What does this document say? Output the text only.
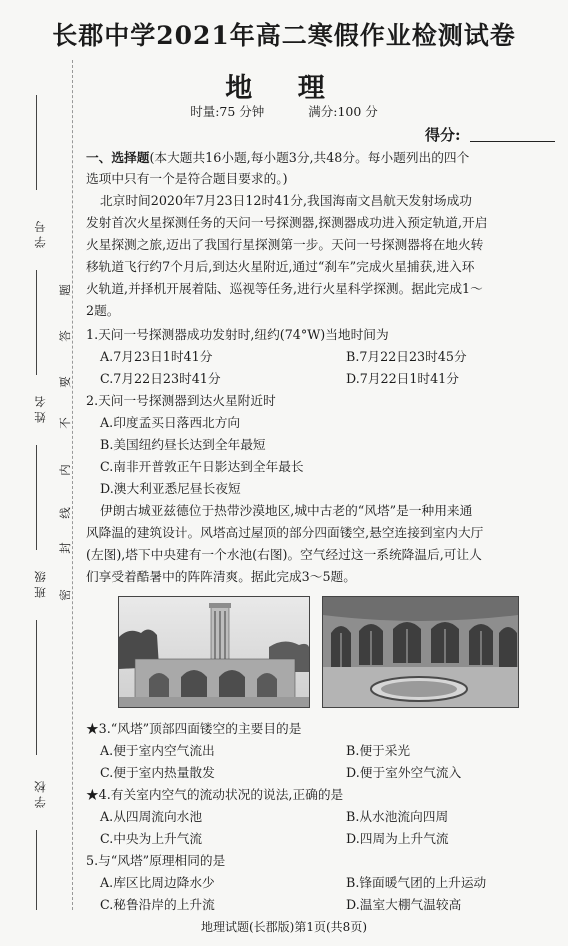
长郡中学2021年高二寒假作业检测试卷
地 理
时量:75 分钟	满分:100 分
得分:
学 号
姓 名
班 级
学 校
密
封
线
内
不
要
答
题
一、选择题(本大题共16小题,每小题3分,共48分。每小题列出的四个
选项中只有一个是符合题目要求的。)
北京时间2020年7月23日12时41分,我国海南文昌航天发射场成功
发射首次火星探测任务的天问一号探测器,探测器成功进入预定轨道,开启
火星探测之旅,迈出了我国行星探测第一步。天问一号探测器将在地火转
移轨道飞行约7个月后,到达火星附近,通过“刹车”完成火星捕获,进入环
火轨道,并择机开展着陆、巡视等任务,进行火星科学探测。据此完成1～
2题。
1.天问一号探测器成功发射时,纽约(74°W)当地时间为
A.7月23日1时41分	B.7月22日23时45分
C.7月22日23时41分	D.7月22日1时41分
2.天问一号探测器到达火星附近时
A.印度孟买日落西北方向
B.美国纽约昼长达到全年最短
C.南非开普敦正午日影达到全年最长
D.澳大利亚悉尼昼长夜短
伊朗古城亚兹德位于热带沙漠地区,城中古老的“风塔”是一种用来通
风降温的建筑设计。风塔高过屋顶的部分四面镂空,悬空连接到室内大厅
(左图),塔下中央建有一个水池(右图)。空气经过这一系统降温后,可让人
们享受着酷暑中的阵阵清爽。据此完成3～5题。
★3.“风塔”顶部四面镂空的主要目的是
A.便于室内空气流出	B.便于采光
C.便于室内热量散发	D.便于室外空气流入
★4.有关室内空气的流动状况的说法,正确的是
A.从四周流向水池	B.从水池流向四周
C.中央为上升气流	D.四周为上升气流
5.与“风塔”原理相同的是
A.库区比周边降水少	B.锋面暖气团的上升运动
C.秘鲁沿岸的上升流	D.温室大棚气温较高
地理试题(长郡版)第1页(共8页)
